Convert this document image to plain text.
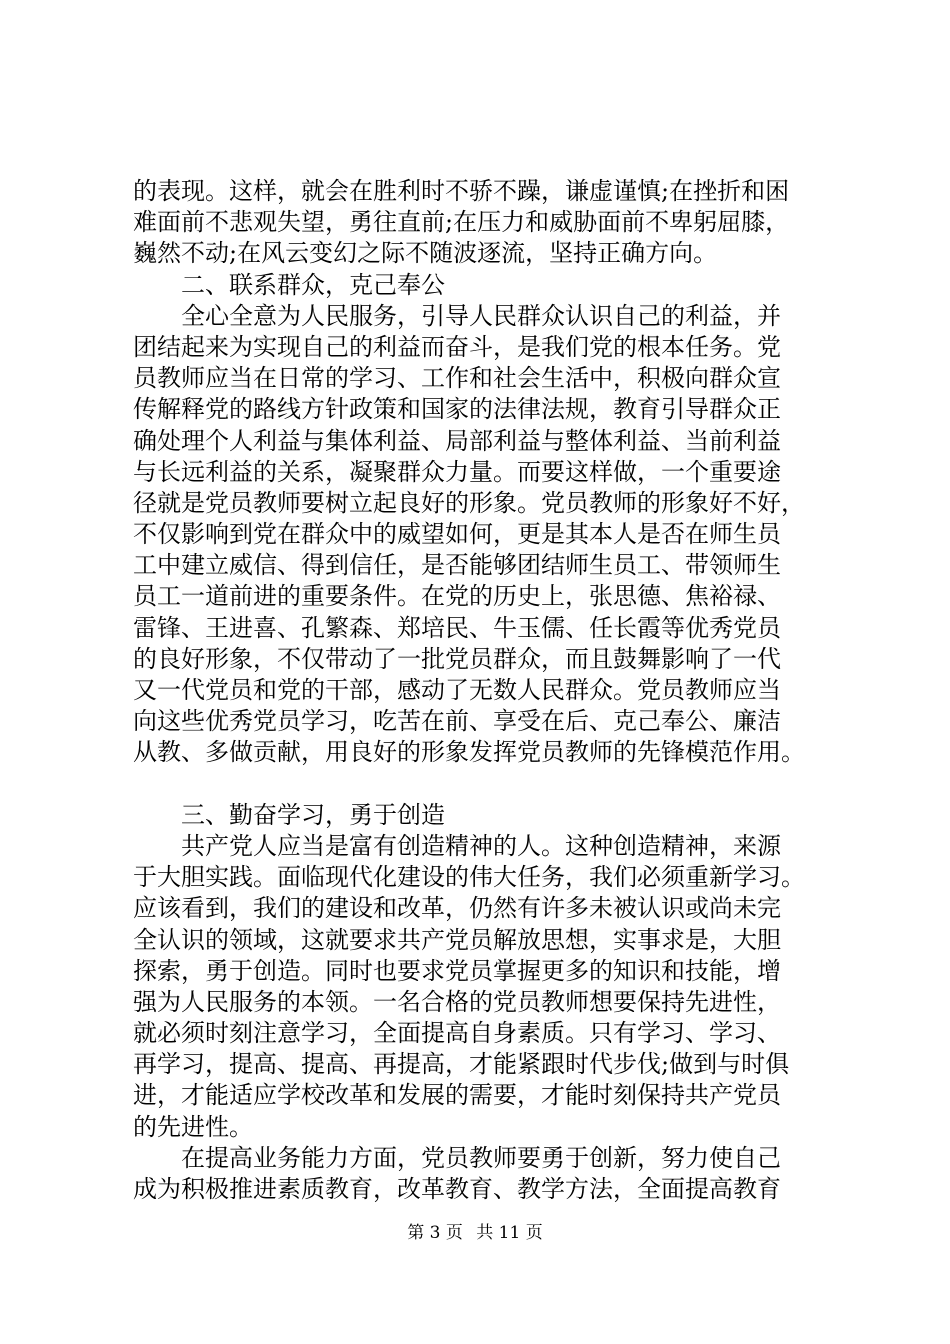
的表现。这样，就会在胜利时不骄不躁，谦虚谨慎;在挫折和困
难面前不悲观失望，勇往直前;在压力和威胁面前不卑躬屈膝，
巍然不动;在风云变幻之际不随波逐流，坚持正确方向。
二、联系群众，克己奉公
全心全意为人民服务，引导人民群众认识自己的利益，并
团结起来为实现自己的利益而奋斗，是我们党的根本任务。党
员教师应当在日常的学习、工作和社会生活中，积极向群众宣
传解释党的路线方针政策和国家的法律法规，教育引导群众正
确处理个人利益与集体利益、局部利益与整体利益、当前利益
与长远利益的关系，凝聚群众力量。而要这样做，一个重要途
径就是党员教师要树立起良好的形象。党员教师的形象好不好，
不仅影响到党在群众中的威望如何，更是其本人是否在师生员
工中建立威信、得到信任，是否能够团结师生员工、带领师生
员工一道前进的重要条件。在党的历史上，张思德、焦裕禄、
雷锋、王进喜、孔繁森、郑培民、牛玉儒、任长霞等优秀党员
的良好形象，不仅带动了一批党员群众，而且鼓舞影响了一代
又一代党员和党的干部，感动了无数人民群众。党员教师应当
向这些优秀党员学习，吃苦在前、享受在后、克己奉公、廉洁
从教、多做贡献，用良好的形象发挥党员教师的先锋模范作用。
三、勤奋学习，勇于创造
共产党人应当是富有创造精神的人。这种创造精神，来源
于大胆实践。面临现代化建设的伟大任务，我们必须重新学习。
应该看到，我们的建设和改革，仍然有许多未被认识或尚未完
全认识的领域，这就要求共产党员解放思想，实事求是，大胆
探索，勇于创造。同时也要求党员掌握更多的知识和技能，增
强为人民服务的本领。一名合格的党员教师想要保持先进性，
就必须时刻注意学习，全面提高自身素质。只有学习、学习、
再学习，提高、提高、再提高，才能紧跟时代步伐;做到与时俱
进，才能适应学校改革和发展的需要，才能时刻保持共产党员
的先进性。
在提高业务能力方面，党员教师要勇于创新，努力使自己
成为积极推进素质教育，改革教育、教学方法，全面提高教育
第 3 页 共 11 页
